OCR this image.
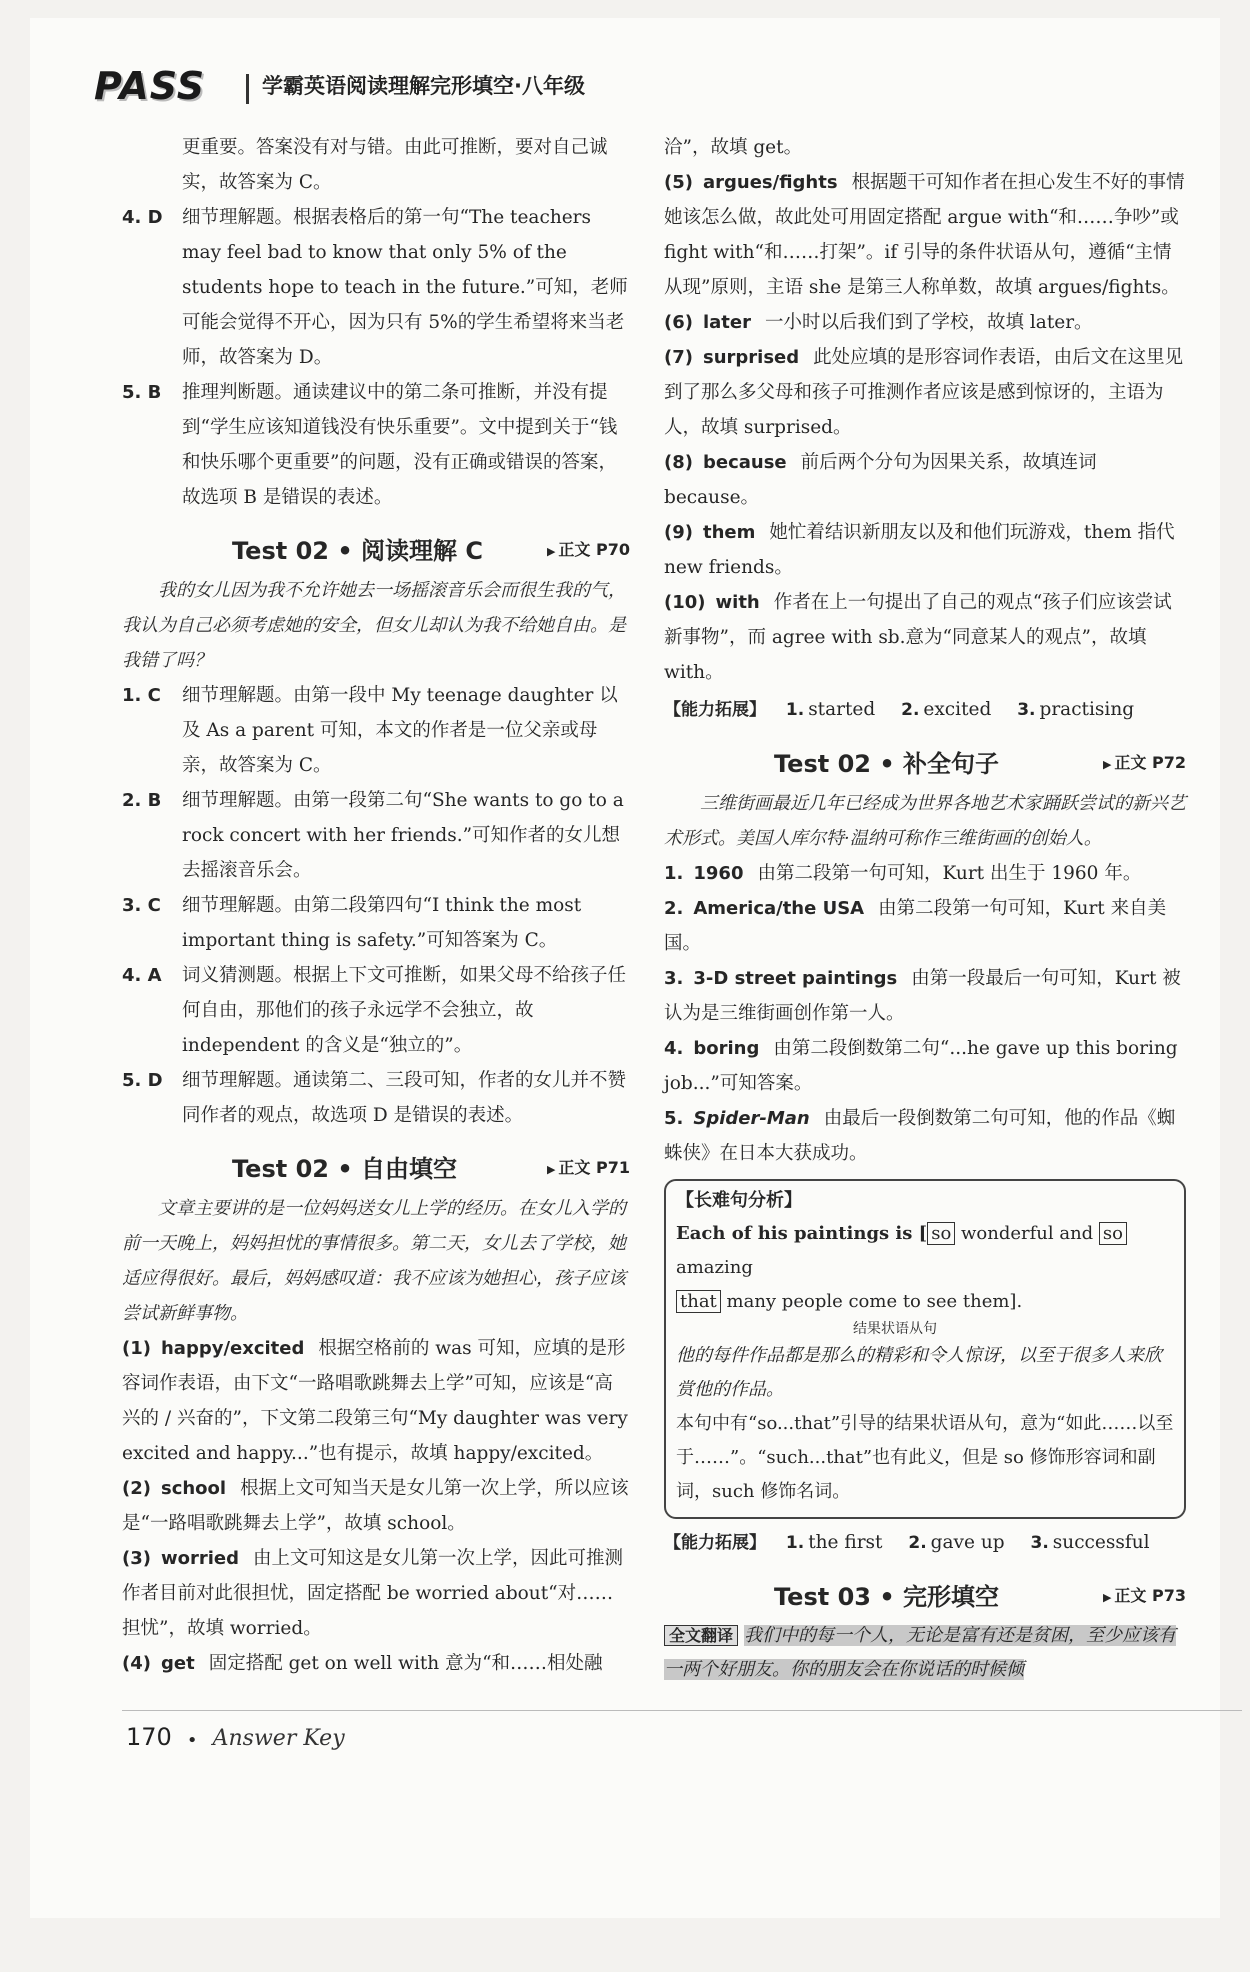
PASS	学霸英语阅读理解完形填空·八年级

更重要。答案没有对与错。由此可推断，要对自己诚实，故答案为 C。

4. D 细节理解题。根据表格后的第一句“The teachers may feel bad to know that only 5% of the students hope to teach in the future.”可知，老师可能会觉得不开心，因为只有 5%的学生希望将来当老师，故答案为 D。
5. B 推理判断题。通读建议中的第二条可推断，并没有提到“学生应该知道钱没有快乐重要”。文中提到关于“钱和快乐哪个更重要”的问题，没有正确或错误的答案，故选项 B 是错误的表述。
Test 02 • 阅读理解 C	▶ 正文 P70

我的女儿因为我不允许她去一场摇滚音乐会而很生我的气，我认为自己必须考虑她的安全，但女儿却认为我不给她自由。是我错了吗？

1. C 细节理解题。由第一段中 My teenage daughter 以及 As a parent 可知，本文的作者是一位父亲或母亲，故答案为 C。
2. B 细节理解题。由第一段第二句“She wants to go to a rock concert with her friends.”可知作者的女儿想去摇滚音乐会。
3. C 细节理解题。由第二段第四句“I think the most important thing is safety.”可知答案为 C。
4. A 词义猜测题。根据上下文可推断，如果父母不给孩子任何自由，那他们的孩子永远学不会独立，故 independent 的含义是“独立的”。
5. D 细节理解题。通读第二、三段可知，作者的女儿并不赞同作者的观点，故选项 D 是错误的表述。
Test 02 • 自由填空	▶ 正文 P71

文章主要讲的是一位妈妈送女儿上学的经历。在女儿入学的前一天晚上，妈妈担忧的事情很多。第二天，女儿去了学校，她适应得很好。最后，妈妈感叹道：我不应该为她担心，孩子应该尝试新鲜事物。

(1) happy/excited 根据空格前的 was 可知，应填的是形容词作表语，由下文“一路唱歌跳舞去上学”可知，应该是“高兴的 / 兴奋的”，下文第二段第三句“My daughter was very excited and happy...”也有提示，故填 happy/excited。
(2) school 根据上文可知当天是女儿第一次上学，所以应该是“一路唱歌跳舞去上学”，故填 school。
(3) worried 由上文可知这是女儿第一次上学，因此可推测作者目前对此很担忧，固定搭配 be worried about“对……担忧”，故填 worried。
(4) get 固定搭配 get on well with 意为“和……相处融

洽”，故填 get。

(5) argues/fights 根据题干可知作者在担心发生不好的事情她该怎么做，故此处可用固定搭配 argue with“和……争吵”或 fight with“和……打架”。if 引导的条件状语从句，遵循“主情从现”原则，主语 she 是第三人称单数，故填 argues/fights。
(6) later 一小时以后我们到了学校，故填 later。
(7) surprised 此处应填的是形容词作表语，由后文在这里见到了那么多父母和孩子可推测作者应该是感到惊讶的，主语为人，故填 surprised。
(8) because 前后两个分句为因果关系，故填连词 because。
(9) them 她忙着结识新朋友以及和他们玩游戏，them 指代 new friends。
(10) with 作者在上一句提出了自己的观点“孩子们应该尝试新事物”，而 agree with sb.意为“同意某人的观点”，故填 with。
【能力拓展】 1. started 2. excited 3. practising
Test 02 • 补全句子	▶ 正文 P72

三维街画最近几年已经成为世界各地艺术家踊跃尝试的新兴艺术形式。美国人库尔特·温纳可称作三维街画的创始人。

1. 1960 由第二段第一句可知，Kurt 出生于 1960 年。
2. America/the USA 由第二段第一句可知，Kurt 来自美国。
3. 3-D street paintings 由第一段最后一句可知，Kurt 被认为是三维街画创作第一人。
4. boring 由第二段倒数第二句“...he gave up this boring job...”可知答案。
5. Spider-Man 由最后一段倒数第二句可知，他的作品《蜘蛛侠》在日本大获成功。
【长难句分析】
Each of his paintings is [ so wonderful and so amazing
that many people come to see them].
结果状语从句
他的每件作品都是那么的精彩和令人惊讶，以至于很多人来欣赏他的作品。
本句中有“so...that”引导的结果状语从句，意为“如此……以至于……”。“such...that”也有此义，但是 so 修饰形容词和副词，such 修饰名词。
【能力拓展】 1. the first 2. gave up 3. successful
Test 03 • 完形填空	▶ 正文 P73

全文翻译 我们中的每一个人，无论是富有还是贫困，至少应该有一两个好朋友。你的朋友会在你说话的时候倾

170 • Answer Key
